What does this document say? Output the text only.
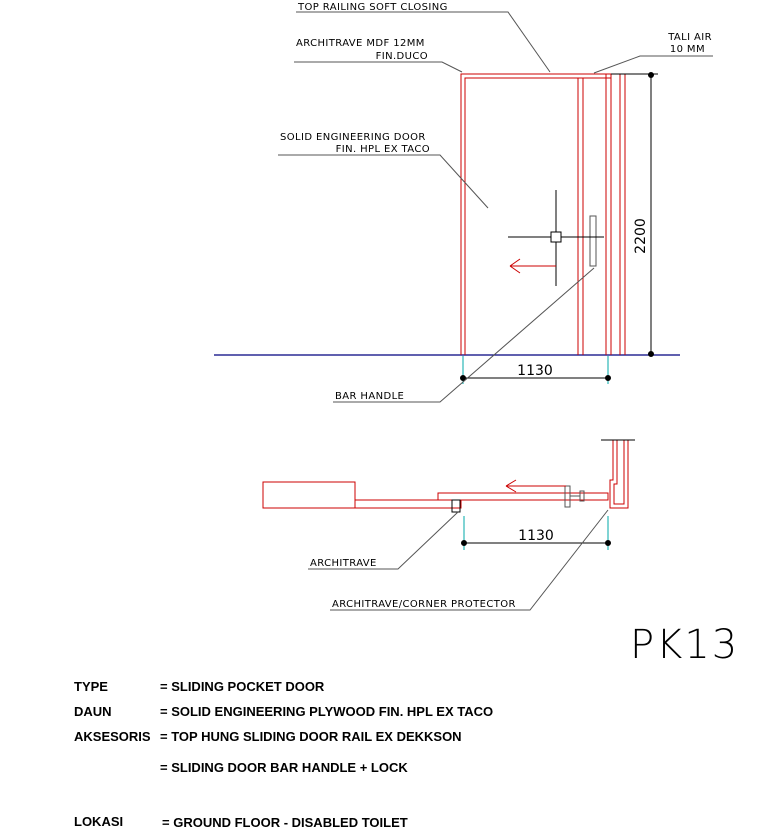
2200
1130
TOP RAILING SOFT CLOSING
ARCHITRAVE MDF 12MM
FIN.DUCO
TALI AIR
10 MM
SOLID ENGINEERING DOOR
FIN. HPL EX TACO
BAR HANDLE
1130
ARCHITRAVE
ARCHITRAVE/CORNER PROTECTOR
PK13
TYPE	= SLIDING POCKET DOOR
DAUN	= SOLID ENGINEERING PLYWOOD FIN. HPL EX TACO
AKSESORIS = TOP HUNG SLIDING DOOR RAIL EX DEKKSON
= SLIDING DOOR BAR HANDLE + LOCK
LOKASI	= GROUND FLOOR - DISABLED TOILET
